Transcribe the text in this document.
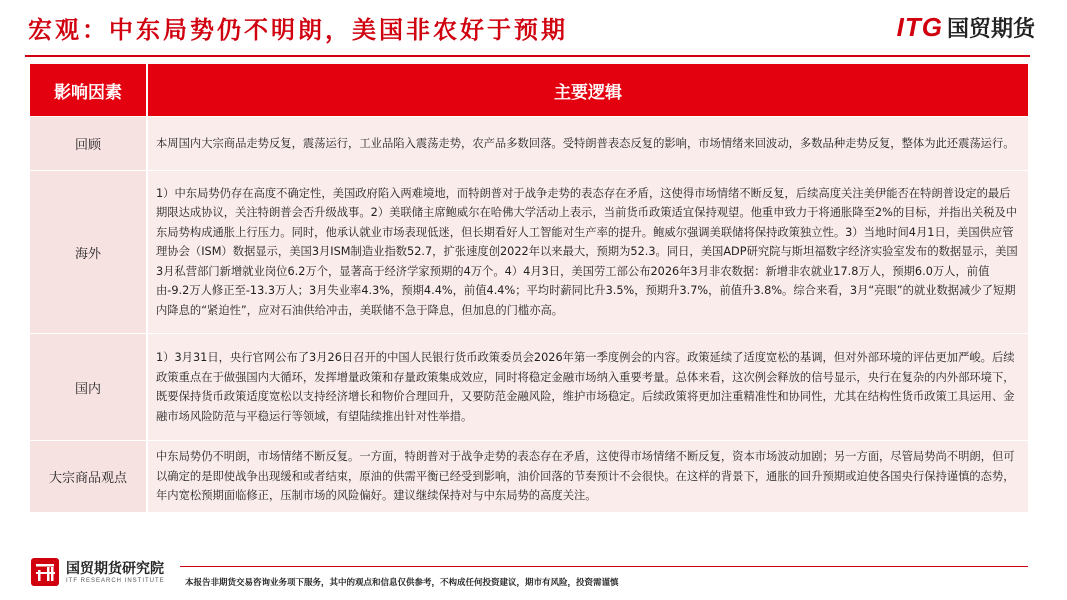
宏观：中东局势仍不明朗，美国非农好于预期	ITG 国贸期货
影响因素	主要逻辑
回顾	本周国内大宗商品走势反复，震荡运行，工业品陷入震荡走势，农产品多数回落。受特朗普表态反复的影响，市场情绪来回波动，多数品种走势反复，整体为此还震荡运行。
海外	1）中东局势仍存在高度不确定性，美国政府陷入两难境地，而特朗普对于战争走势的表态存在矛盾，这使得市场情绪不断反复，后续高度关注美伊能否在特朗普设定的最后期限达成协议，关注特朗普会否升级战事。2）美联储主席鲍威尔在哈佛大学活动上表示，当前货币政策适宜保持观望。他重申致力于将通胀降至2%的目标，并指出关税及中东局势构成通胀上行压力。同时，他承认就业市场表现低迷，但长期看好人工智能对生产率的提升。鲍威尔强调美联储将保持政策独立性。3）当地时间4月1日，美国供应管理协会（ISM）数据显示，美国3月ISM制造业指数52.7，扩张速度创2022年以来最大，预期为52.3。同日，美国ADP研究院与斯坦福数字经济实验室发布的数据显示，美国3月私营部门新增就业岗位6.2万个，显著高于经济学家预期的4万个。4）4月3日，美国劳工部公布2026年3月非农数据：新增非农就业17.8万人，预期6.0万人，前值由-9.2万人修正至-13.3万人；3月失业率4.3%，预期4.4%，前值4.4%；平均时薪同比升3.5%，预期升3.7%，前值升3.8%。综合来看，3月“亮眼”的就业数据减少了短期内降息的“紧迫性”，应对石油供给冲击，美联储不急于降息，但加息的门槛亦高。
国内	1）3月31日，央行官网公布了3月26日召开的中国人民银行货币政策委员会2026年第一季度例会的内容。政策延续了适度宽松的基调，但对外部环境的评估更加严峻。后续政策重点在于做强国内大循环，发挥增量政策和存量政策集成效应，同时将稳定金融市场纳入重要考量。总体来看，这次例会释放的信号显示，央行在复杂的内外部环境下，既要保持货币政策适度宽松以支持经济增长和物价合理回升，又要防范金融风险，维护市场稳定。后续政策将更加注重精准性和协同性，尤其在结构性货币政策工具运用、金融市场风险防范与平稳运行等领域，有望陆续推出针对性举措。
大宗商品观点	中东局势仍不明朗，市场情绪不断反复。一方面，特朗普对于战争走势的表态存在矛盾，这使得市场情绪不断反复，资本市场波动加剧；另一方面，尽管局势尚不明朗，但可以确定的是即使战争出现缓和或者结束，原油的供需平衡已经受到影响，油价回落的节奏预计不会很快。在这样的背景下，通胀的回升预期或迫使各国央行保持谨慎的态势，年内宽松预期面临修正，压制市场的风险偏好。建议继续保持对与中东局势的高度关注。
国贸期货研究院
ITF RESEARCH INSTITUTE 本报告非期货交易咨询业务项下服务，其中的观点和信息仅供参考，不构成任何投资建议，期市有风险，投资需谨慎
